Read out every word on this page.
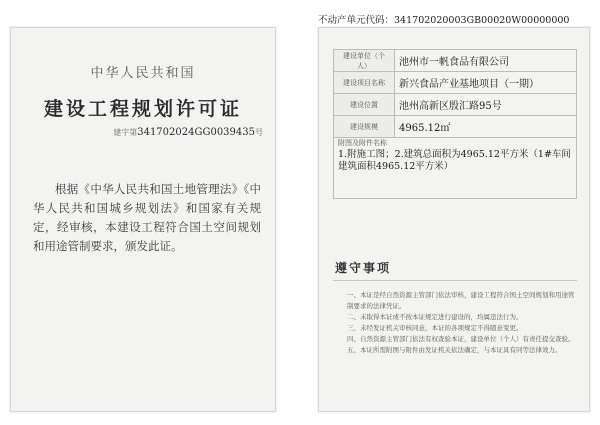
不动产单元代码：341702020003GB00020W00000000
中华人民共和国
建设工程规划许可证
建字第341702024GG0039435号
根据《中华人民共和国土地管理法》《中华人民共和国城乡规划法》和国家有关规定，经审核，本建设工程符合国土空间规划和用途管制要求，颁发此证。
建设单位（个人）	池州市一帆食品有限公司
建设项目名称	新兴食品产业基地项目（一期）
建设位置	池州高新区殷汇路95号
建设规模	4965.12㎡

附图及附件名称
1.附施工图；2.建筑总面积为4965.12平方米（1#车间建筑面积4965.12平方米）	
遵守事项
一、本证是经自然资源主管部门依法审核，建设工程符合国土空间规划和用途管制要求的法律凭证。
二、未取得本证或不按本证规定进行建设的，均属违法行为。
三、未经发证机关审核同意，本证的各项规定不得随意变更。
四、自然资源主管部门依法有权查验本证，建设单位（个人）有责任提交查验。
五、本证所需附图与附件由发证机关依法确定，与本证具有同等法律效力。
